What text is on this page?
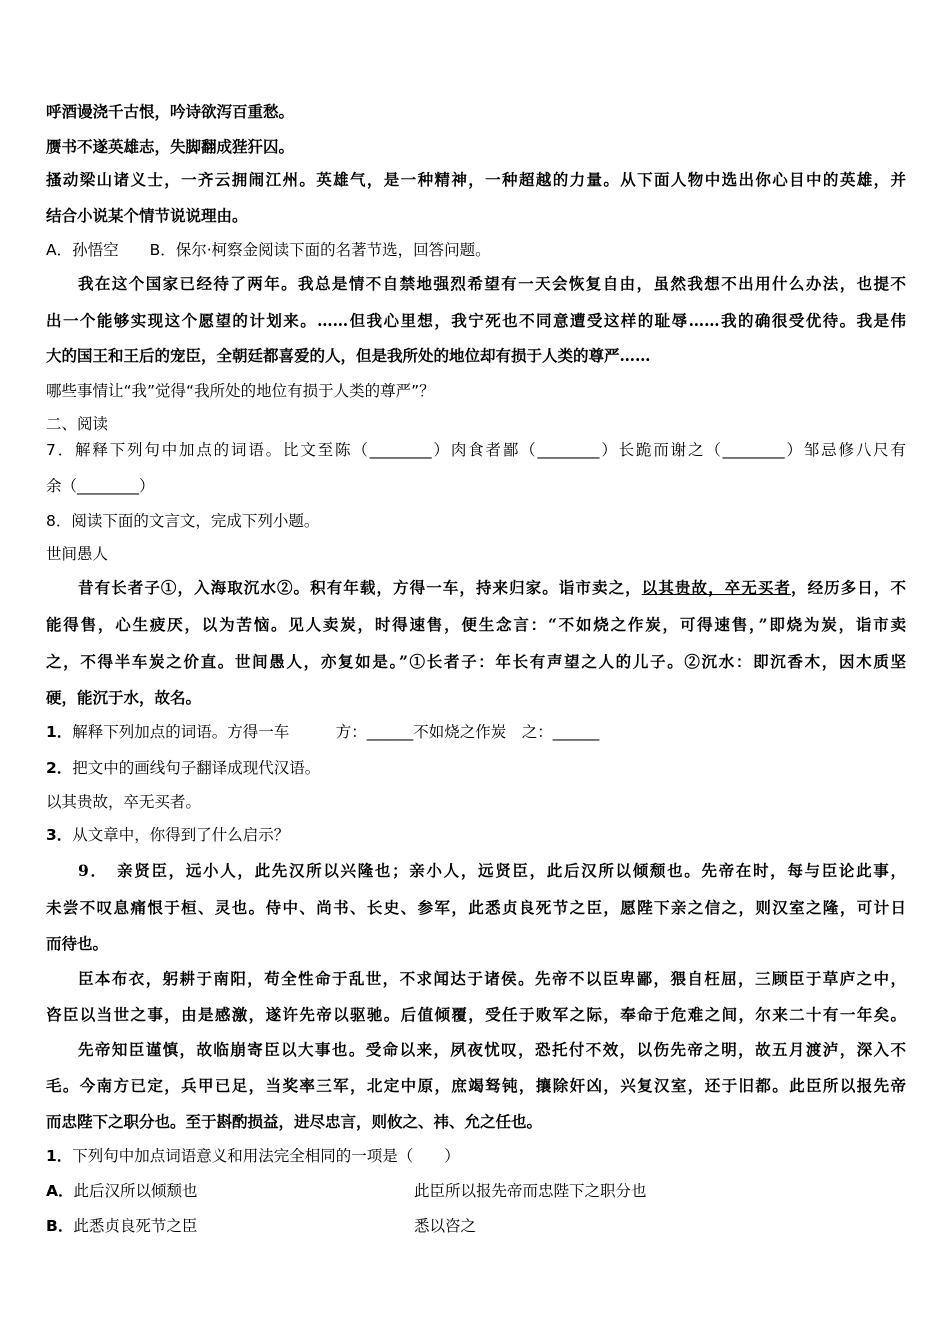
呼酒谩浇千古恨，吟诗欲泻百重愁。
赝书不遂英雄志，失脚翻成狴犴囚。
搔动梁山诸义士，一齐云拥闹江州。英雄气，是一种精神，一种超越的力量。从下面人物中选出你心目中的英雄，并
结合小说某个情节说说理由。
A．孙悟空　　B．保尔·柯察金阅读下面的名著节选，回答问题。
我在这个国家已经待了两年。我总是情不自禁地强烈希望有一天会恢复自由，虽然我想不出用什么办法，也提不
出一个能够实现这个愿望的计划来。……但我心里想，我宁死也不同意遭受这样的耻辱……我的确很受优待。我是伟
大的国王和王后的宠臣，全朝廷都喜爱的人，但是我所处的地位却有损于人类的尊严……
哪些事情让“我”觉得“我所处的地位有损于人类的尊严”？
二、阅读
7．解释下列句中加点的词语。比文至陈（________）肉食者鄙（________）长跪而谢之（________）邹忌修八尺有
余（________）
8．阅读下面的文言文，完成下列小题。
世间愚人
昔有长者子①，入海取沉水②。积有年载，方得一车，持来归家。诣市卖之，以其贵故，卒无买者，经历多日，不
能得售，心生疲厌，以为苦恼。见人卖炭，时得速售，便生念言：“不如烧之作炭，可得速售，”即烧为炭，诣市卖
之，不得半车炭之价直。世间愚人，亦复如是。”①长者子：年长有声望之人的儿子。②沉水：即沉香木，因木质坚
硬，能沉于水，故名。
1．解释下列加点的词语。方得一车　　　方：______不如烧之作炭　之：______
2．把文中的画线句子翻译成现代汉语。
以其贵故，卒无买者。
3．从文章中，你得到了什么启示？
9．　亲贤臣，远小人，此先汉所以兴隆也；亲小人，远贤臣，此后汉所以倾颓也。先帝在时，每与臣论此事，
未尝不叹息痛恨于桓、灵也。侍中、尚书、长史、参军，此悉贞良死节之臣，愿陛下亲之信之，则汉室之隆，可计日
而待也。
臣本布衣，躬耕于南阳，苟全性命于乱世，不求闻达于诸侯。先帝不以臣卑鄙，猥自枉屈，三顾臣于草庐之中，
咨臣以当世之事，由是感激，遂许先帝以驱驰。后值倾覆，受任于败军之际，奉命于危难之间，尔来二十有一年矣。
先帝知臣谨慎，故临崩寄臣以大事也。受命以来，夙夜忧叹，恐托付不效，以伤先帝之明，故五月渡泸，深入不
毛。今南方已定，兵甲已足，当奖率三军，北定中原，庶竭驽钝，攘除奸凶，兴复汉室，还于旧都。此臣所以报先帝
而忠陛下之职分也。至于斟酌损益，进尽忠言，则攸之、祎、允之任也。
1．下列句中加点词语意义和用法完全相同的一项是（　　）
A．此后汉所以倾颓也	此臣所以报先帝而忠陛下之职分也
B．此悉贞良死节之臣	悉以咨之
